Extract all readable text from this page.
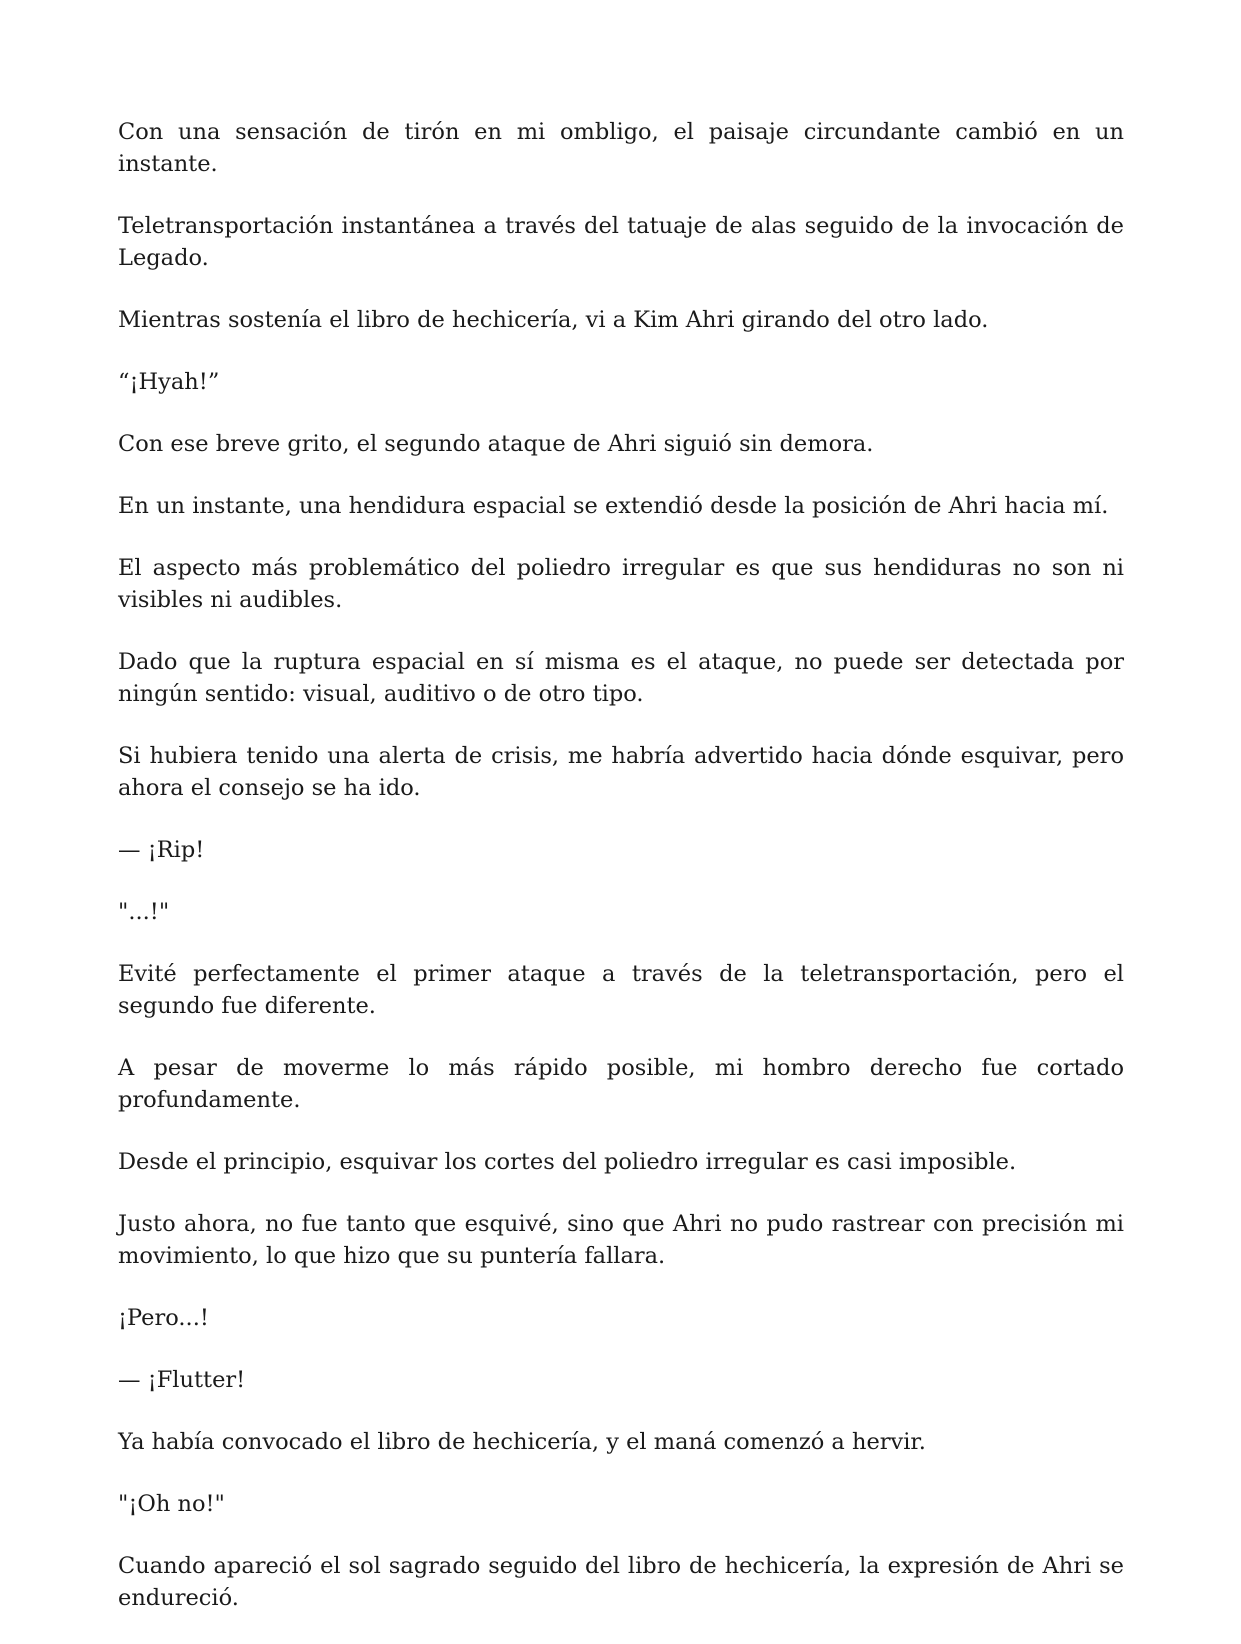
Con una sensación de tirón en mi ombligo, el paisaje circundante cambió en un instante.

Teletransportación instantánea a través del tatuaje de alas seguido de la invocación de Legado.

Mientras sostenía el libro de hechicería, vi a Kim Ahri girando del otro lado.

“¡Hyah!”

Con ese breve grito, el segundo ataque de Ahri siguió sin demora.

En un instante, una hendidura espacial se extendió desde la posición de Ahri hacia mí.

El aspecto más problemático del poliedro irregular es que sus hendiduras no son ni visibles ni audibles.

Dado que la ruptura espacial en sí misma es el ataque, no puede ser detectada por ningún sentido: visual, auditivo o de otro tipo.

Si hubiera tenido una alerta de crisis, me habría advertido hacia dónde esquivar, pero ahora el consejo se ha ido.

— ¡Rip!

"...!"

Evité perfectamente el primer ataque a través de la teletransportación, pero el segundo fue diferente.

A pesar de moverme lo más rápido posible, mi hombro derecho fue cortado profundamente.

Desde el principio, esquivar los cortes del poliedro irregular es casi imposible.

Justo ahora, no fue tanto que esquivé, sino que Ahri no pudo rastrear con precisión mi movimiento, lo que hizo que su puntería fallara.

¡Pero...!

— ¡Flutter!

Ya había convocado el libro de hechicería, y el maná comenzó a hervir.

"¡Oh no!"

Cuando apareció el sol sagrado seguido del libro de hechicería, la expresión de Ahri se endureció.
